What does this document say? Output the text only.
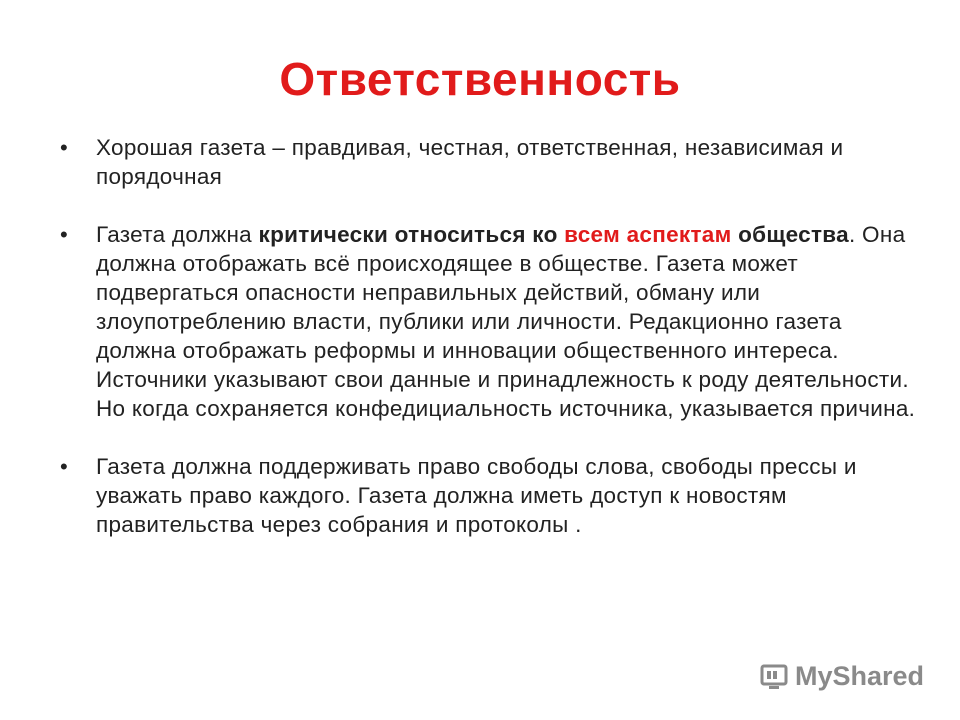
Ответственность
• Хорошая газета – правдивая, честная, ответственная, независимая и порядочная
• Газета должна критически относиться ко всем аспектам общества. Она должна отображать всё происходящее в обществе. Газета может подвергаться опасности неправильных действий, обману или злоупотреблению власти, публики или личности. Редакционно газета должна отображать реформы и инновации общественного интереса. Источники указывают свои данные и принадлежность к роду деятельности. Но когда сохраняется конфедициальность источника, указывается причина.
• Газета должна поддерживать право свободы слова, свободы прессы и уважать право каждого. Газета должна иметь доступ к новостям правительства через собрания и протоколы .
MyShared
